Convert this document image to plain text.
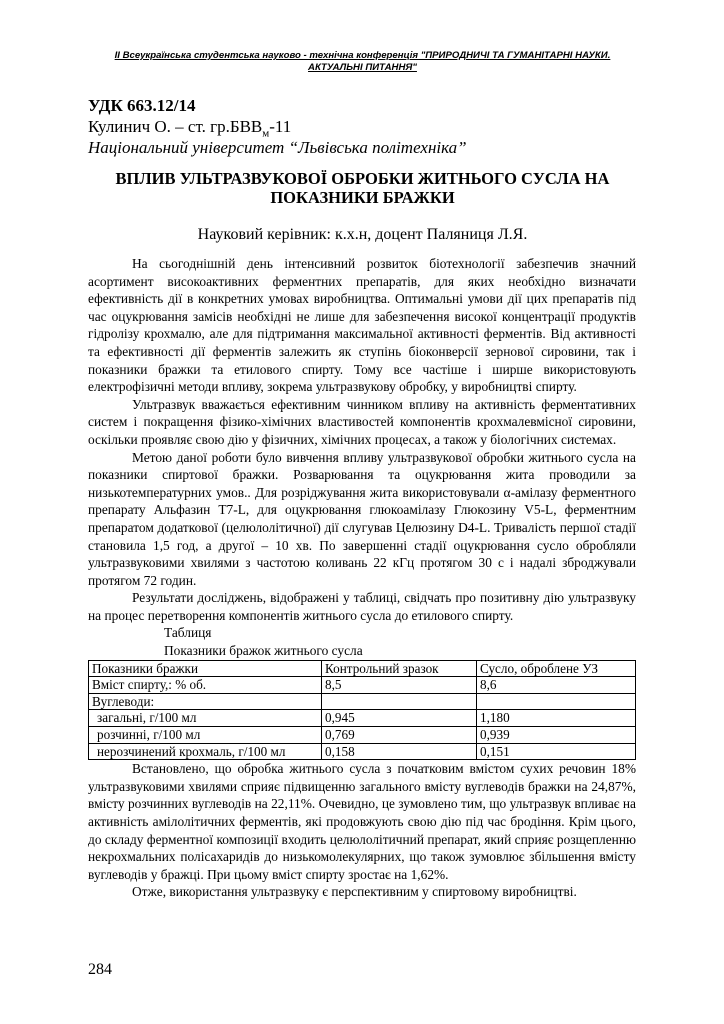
II Всеукраїнська студентська науково - технічна конференція "ПРИРОДНИЧІ ТА ГУМАНІТАРНІ НАУКИ. АКТУАЛЬНІ ПИТАННЯ"
УДК 663.12/14
Кулинич О. – ст. $гр.БВВ_м-11$
Національний університет “Львівська політехніка”
ВПЛИВ УЛЬТРАЗВУКОВОЇ ОБРОБКИ ЖИТНЬОГО СУСЛА НА ПОКАЗНИКИ БРАЖКИ
Науковий керівник: к.х.н, доцент Паляниця Л.Я.

На сьогоднішній день інтенсивний розвиток біотехнології забезпечив значний асортимент високоактивних ферментних препаратів, для яких необхідно визначати ефективність дії в конкретних умовах виробництва. Оптимальні умови дії цих препаратів під час оцукрювання замісів необхідні не лише для забезпечення високої концентрації продуктів гідролізу крохмалю, але для підтримання максимальної активності ферментів. Від активності та ефективності дії ферментів залежить як ступінь біоконверсії зернової сировини, так і показники бражки та етилового спирту. Тому все частіше і ширше використовують електрофізичні методи впливу, зокрема ультразвукову обробку, у виробництві спирту.

Ультразвук вважається ефективним чинником впливу на активність ферментативних систем і покращення фізико-хімічних властивостей компонентів крохмалевмісної сировини, оскільки проявляє свою дію у фізичних, хімічних процесах, а також у біологічних системах.

Метою даної роботи було вивчення впливу ультразвукової обробки житнього сусла на показники спиртової бражки. Розварювання та оцукрювання жита проводили за низькотемпературних умов.. Для розріджування жита використовували α-амілазу ферментного препарату Альфазин Т7-L, для оцукрювання глюкоамілазу Глюкозину V5-L, ферментним препаратом додаткової (целюлолітичної) дії слугував Целюзину D4-L. Тривалість першої стадії становила 1,5 год, а другої – 10 хв. По завершенні стадії оцукрювання сусло обробляли ультразвуковими хвилями з частотою коливань 22 кГц протягом 30 с і надалі зброджували протягом 72 годин.

Результати досліджень, відображені у таблиці, свідчать про позитивну дію ультразвуку на процес перетворення компонентів житнього сусла до етилового спирту.

Таблиця

Показники бражок житнього сусла

Показники бражки	Контрольний зразок	Сусло, оброблене УЗ
Вміст спирту,: % об.	8,5	8,6
Вуглеводи:		
загальні, г/100 мл	0,945	1,180
розчинні, г/100 мл	0,769	0,939
нерозчинений крохмаль, г/100 мл	0,158	0,151

Встановлено, що обробка житнього сусла з початковим вмістом сухих речовин 18% ультразвуковими хвилями сприяє підвищенню загального вмісту вуглеводів бражки на 24,87%, вмісту розчинних вуглеводів на 22,11%. Очевидно, це зумовлено тим, що ультразвук впливає на активність амілолітичних ферментів, які продовжують свою дію під час бродіння. Крім цього, до складу ферментної композиції входить целюлолітичний препарат, який сприяє розщепленню некрохмальних полісахаридів до низькомолекулярних, що також зумовлює збільшення вмісту вуглеводів у бражці. При цьому вміст спирту зростає на 1,62%.

Отже, використання ультразвуку є перспективним у спиртовому виробництві.

284
